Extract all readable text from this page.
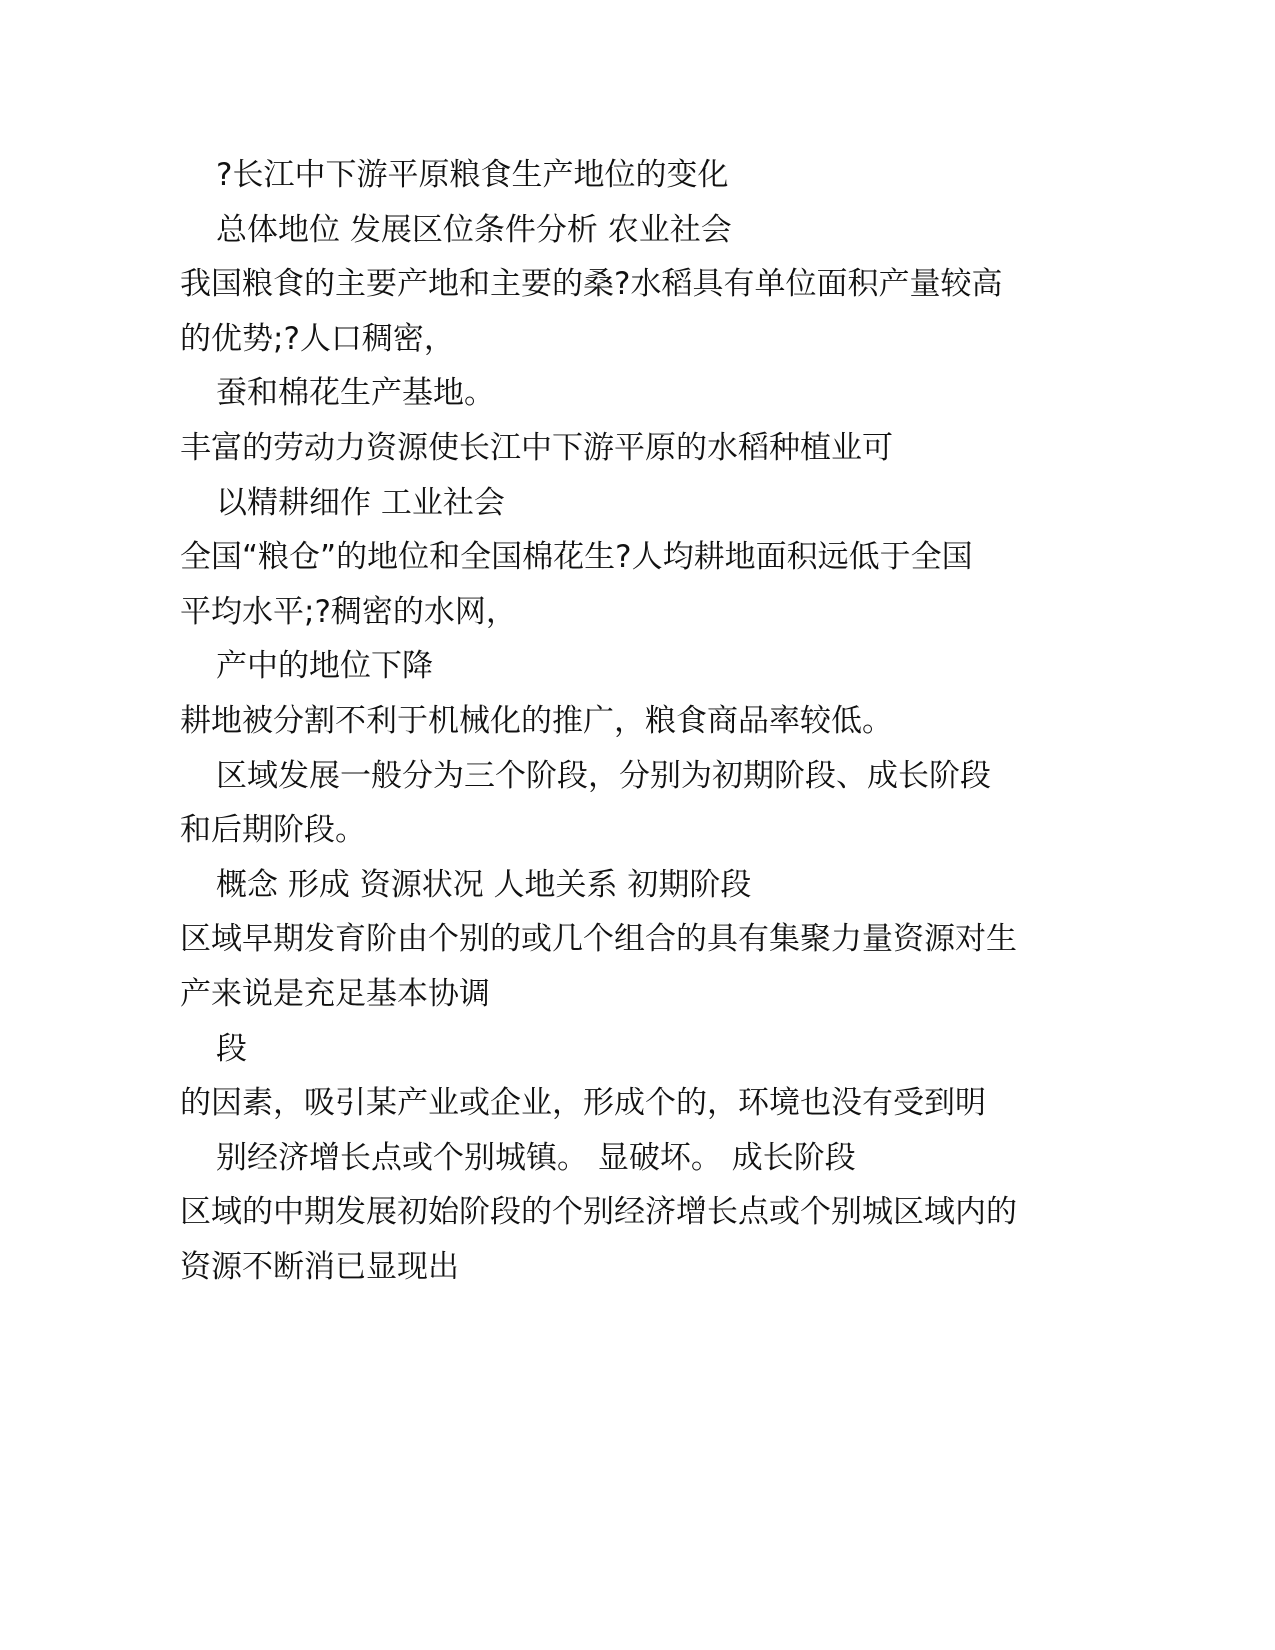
?长江中下游平原粮食生产地位的变化
总体地位 发展区位条件分析 农业社会
我国粮食的主要产地和主要的桑?水稻具有单位面积产量较高
的优势;?人口稠密，
蚕和棉花生产基地。
丰富的劳动力资源使长江中下游平原的水稻种植业可
以精耕细作 工业社会
全国“粮仓”的地位和全国棉花生?人均耕地面积远低于全国
平均水平;?稠密的水网，
产中的地位下降
耕地被分割不利于机械化的推广，粮食商品率较低。
区域发展一般分为三个阶段，分别为初期阶段、成长阶段
和后期阶段。
概念 形成 资源状况 人地关系 初期阶段
区域早期发育阶由个别的或几个组合的具有集聚力量资源对生
产来说是充足基本协调
段
的因素，吸引某产业或企业，形成个的，环境也没有受到明
别经济增长点或个别城镇。 显破坏。 成长阶段
区域的中期发展初始阶段的个别经济增长点或个别城区域内的
资源不断消已显现出
